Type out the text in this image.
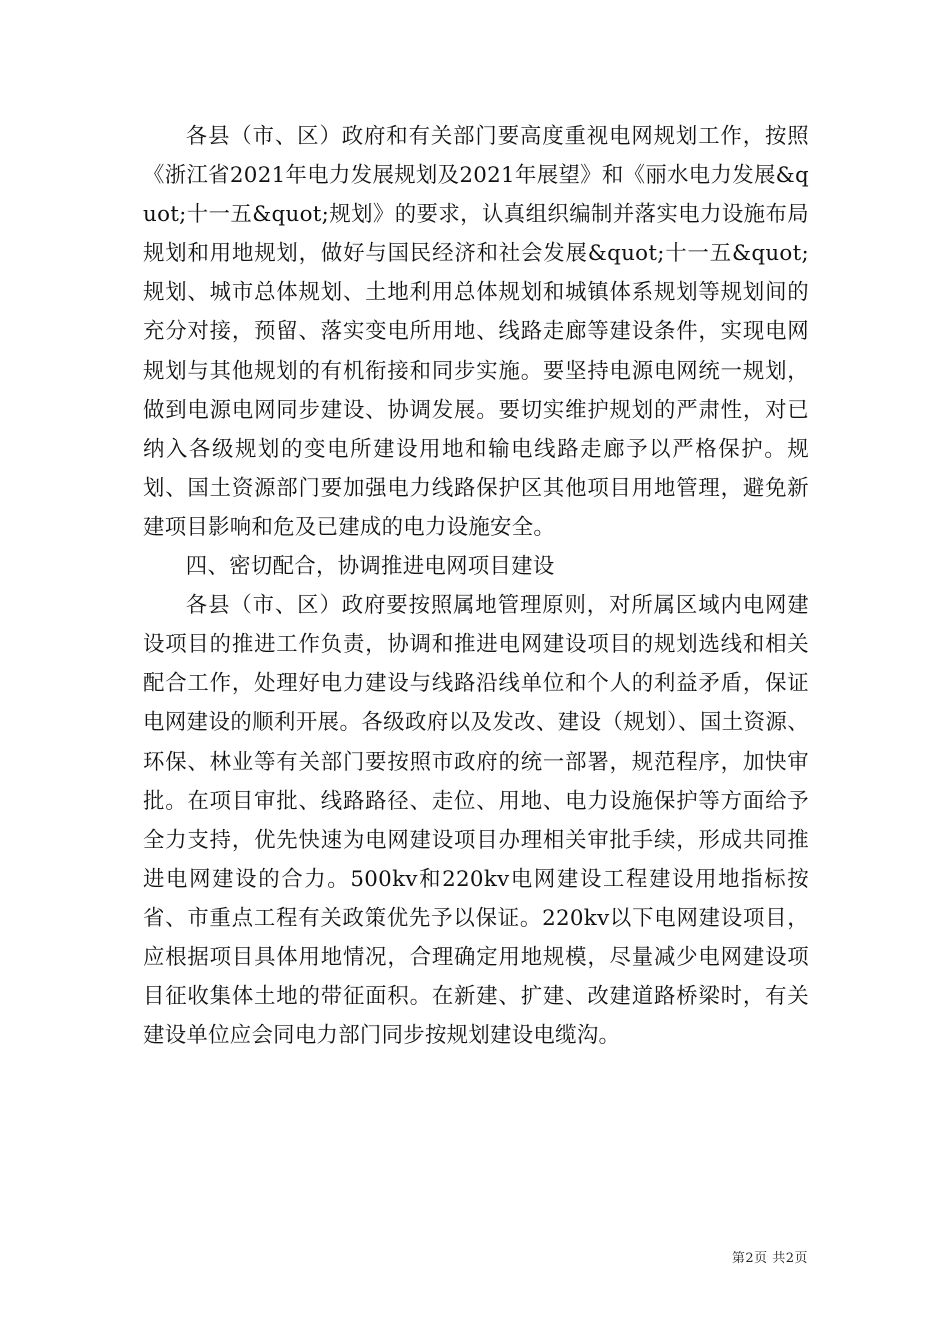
各县（市、区）政府和有关部门要高度重视电网规划工作，按照《浙江省2021年电力发展规划及2021年展望》和《丽水电力发展&quot;十一五&quot;规划》的要求，认真组织编制并落实电力设施布局规划和用地规划，做好与国民经济和社会发展&quot;十一五&quot;规划、城市总体规划、土地利用总体规划和城镇体系规划等规划间的充分对接，预留、落实变电所用地、线路走廊等建设条件，实现电网规划与其他规划的有机衔接和同步实施。要坚持电源电网统一规划，做到电源电网同步建设、协调发展。要切实维护规划的严肃性，对已纳入各级规划的变电所建设用地和输电线路走廊予以严格保护。规划、国土资源部门要加强电力线路保护区其他项目用地管理，避免新建项目影响和危及已建成的电力设施安全。

四、密切配合，协调推进电网项目建设

各县（市、区）政府要按照属地管理原则，对所属区域内电网建设项目的推进工作负责，协调和推进电网建设项目的规划选线和相关配合工作，处理好电力建设与线路沿线单位和个人的利益矛盾，保证电网建设的顺利开展。各级政府以及发改、建设（规划）、国土资源、环保、林业等有关部门要按照市政府的统一部署，规范程序，加快审批。在项目审批、线路路径、走位、用地、电力设施保护等方面给予全力支持，优先快速为电网建设项目办理相关审批手续，形成共同推进电网建设的合力。500kv和220kv电网建设工程建设用地指标按省、市重点工程有关政策优先予以保证。220kv以下电网建设项目，应根据项目具体用地情况，合理确定用地规模，尽量减少电网建设项目征收集体土地的带征面积。在新建、扩建、改建道路桥梁时，有关建设单位应会同电力部门同步按规划建设电缆沟。

第2页 共2页
